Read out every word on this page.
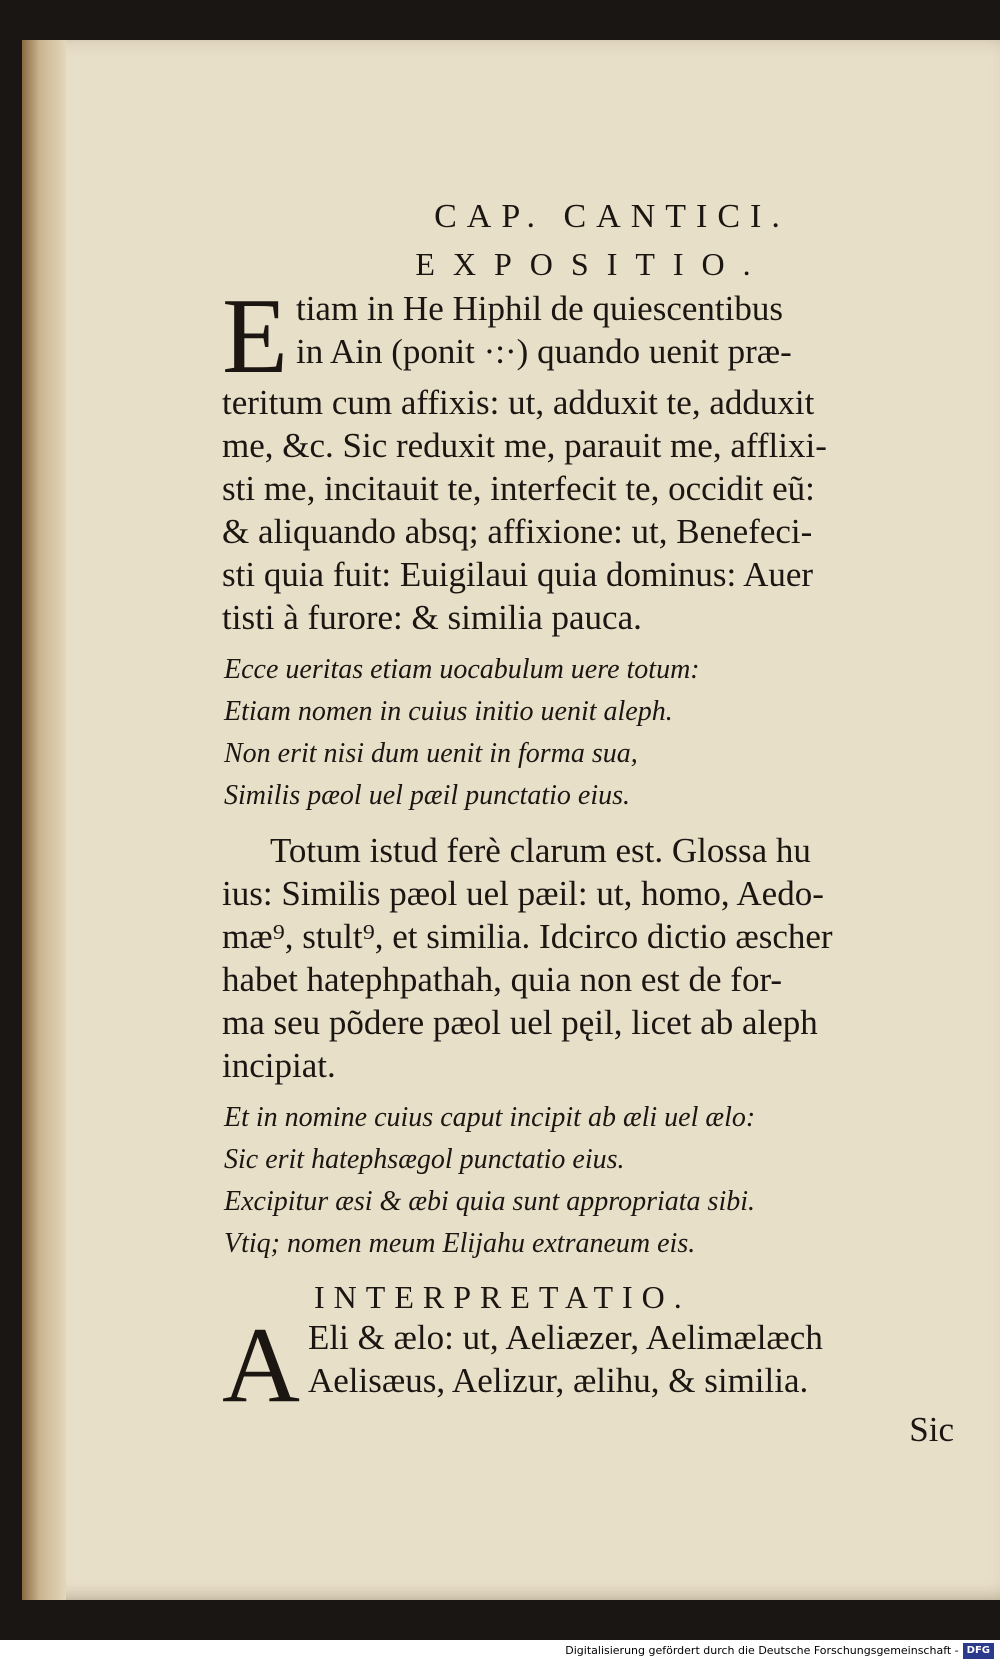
CAP. CANTICI.
EXPOSITIO.
E tiam in He Hiphil de quiescentibus
in Ain (ponit ·:·) quando uenit præ-
teritum cum affixis: ut, adduxit te, adduxit
me, &c. Sic reduxit me, parauit me, afflixi-
sti me, incitauit te, interfecit te, occidit eũ:
& aliquando absq; affixione: ut, Benefeci-
sti quia fuit: Euigilaui quia dominus: Auer
tisti à furore: & similia pauca.
Ecce ueritas etiam uocabulum uere totum:
Etiam nomen in cuius initio uenit aleph.
Non erit nisi dum uenit in forma sua,
Similis pæol uel pæil punctatio eius.
Totum istud ferè clarum est. Glossa hu
ius: Similis pæol uel pæil: ut, homo, Aedo-
mæ⁹, stult⁹, et similia. Idcirco dictio æscher
habet hatephpathah, quia non est de for-
ma seu põdere pæol uel pęil, licet ab aleph
incipiat.
Et in nomine cuius caput incipit ab æli uel ælo:
Sic erit hatephsægol punctatio eius.
Excipitur æsi & æbi quia sunt appropriata sibi.
Vtiq; nomen meum Elijahu extraneum eis.
INTERPRETATIO.
A Eli & ælo: ut, Aeliæzer, Aelimælæch
Aelisæus, Aelizur, ælihu, & similia.
Sic
Digitalisierung gefördert durch die Deutsche Forschungsgemeinschaft - DFG
